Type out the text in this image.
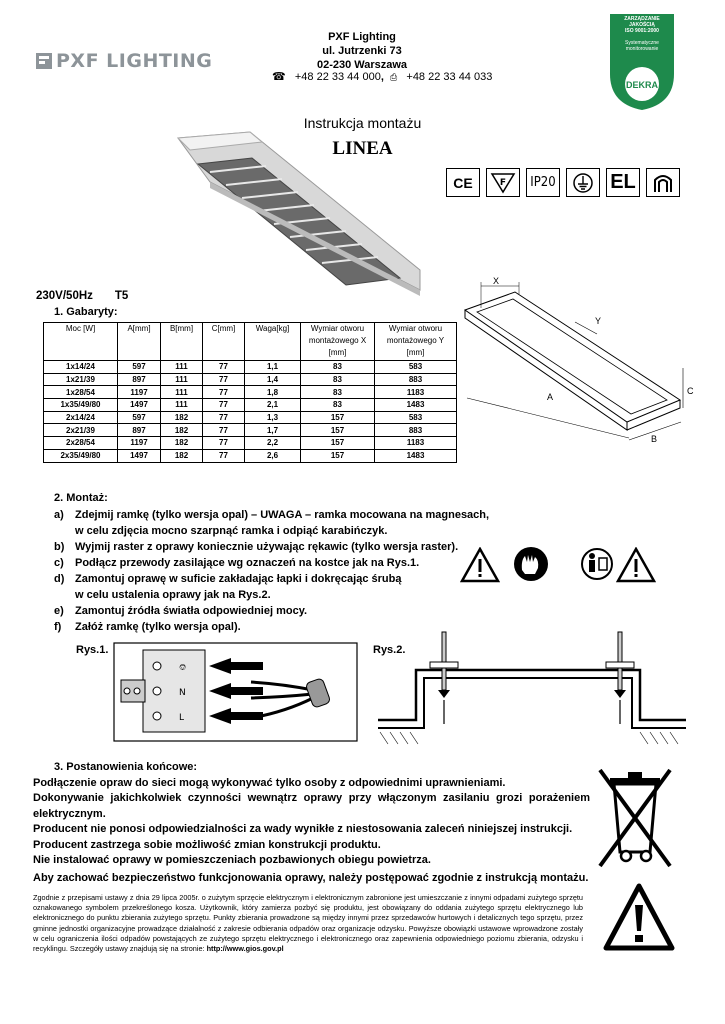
PXF LIGHTING
PXF Lighting
ul. Jutrzenki 73
02-230 Warszawa
☎ +48 22 33 44 000, ⎙ +48 22 33 44 033
ZARZĄDZANIE
JAKOŚCIĄ
ISO 9001:2000
Systematyczne
monitorowanie
DEKRA
Instrukcja montażu
LINEA
CE	F	IP20	EL
230V/50Hz T5
1. Gabaryty:
Moc [W]	A[mm]	B[mm]	C[mm]	Waga[kg]	Wymiar otworu montażowego X [mm]	Wymiar otworu montażowego Y [mm]
1x14/24	597	111	77	1,1	83	583
1x21/39	897	111	77	1,4	83	883
1x28/54	1197	111	77	1,8	83	1183
1x35/49/80	1497	111	77	2,1	83	1483
2x14/24	597	182	77	1,3	157	583
2x21/39	897	182	77	1,7	157	883
2x28/54	1197	182	77	2,2	157	1183
2x35/49/80	1497	182	77	2,6	157	1483
X
Y
A
B
C
2. Montaż:
a)	Zdejmij ramkę (tylko wersja opal) – UWAGA – ramka mocowana na magnesach,
w celu zdjęcia mocno szarpnąć ramka i odpiąć karabińczyk.
b) Wyjmij raster z oprawy koniecznie używając rękawic (tylko wersja raster).
c)	Podłącz przewody zasilające wg oznaczeń na kostce jak na Rys.1.
d) Zamontuj oprawę w suficie zakładając łapki i dokręcając śrubą
w celu ustalenia oprawy jak na Rys.2.
e)	Zamontuj źródła światła odpowiedniej mocy.
f)	Załóż ramkę (tylko wersja opal).
Rys.1.
⎊
N
L
Rys.2.
3. Postanowienia końcowe:
Podłączenie opraw do sieci mogą wykonywać tylko osoby z odpowiednimi uprawnieniami.
Dokonywanie jakichkolwiek czynności wewnątrz oprawy przy włączonym zasilaniu grozi porażeniem elektrycznym.
Producent nie ponosi odpowiedzialności za wady wynikłe z niestosowania zaleceń niniejszej instrukcji.
Producent zastrzega sobie możliwość zmian konstrukcji produktu.
Nie instalować oprawy w pomieszczeniach pozbawionych obiegu powietrza.
Aby zachować bezpieczeństwo funkcjonowania oprawy, należy postępować zgodnie z instrukcją montażu.
Zgodnie z przepisami ustawy z dnia 29 lipca 2005r. o zużytym sprzęcie elektrycznym i elektronicznym zabronione jest umieszczanie z innymi odpadami zużytego sprzętu oznakowanego symbolem przekreślonego kosza. Użytkownik, który zamierza pozbyć się produktu, jest obowiązany do oddania zużytego sprzętu elektrycznego lub elektronicznego do punktu zbierania zużytego sprzętu. Punkty zbierania prowadzone są między innymi przez sprzedawców hurtowych i detalicznych tego sprzętu, przez gminne jednostki organizacyjne prowadzące działalność z zakresie odbierania odpadów oraz organizacje odzysku. Powyższe obowiązki ustawowe wprowadzone zostały w celu ograniczenia ilości odpadów powstających ze zużytego sprzętu elektrycznego i elektronicznego oraz zapewnienia odpowiedniego poziomu zbierania, odzysku i recyklingu. Szczegóły ustawy znajdują się na stronie: http://www.gios.gov.pl
